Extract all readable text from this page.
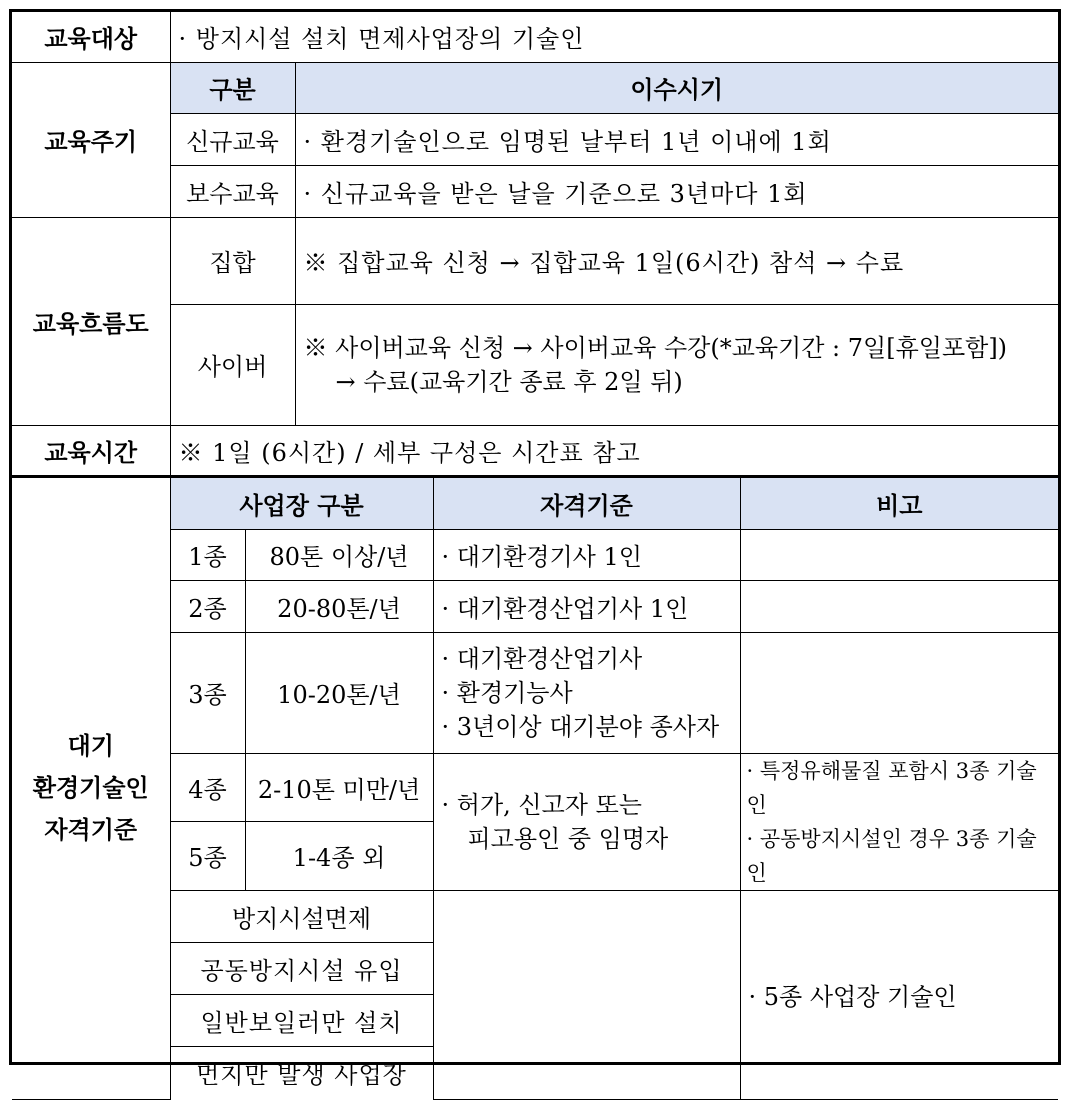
교육대상	· 방지시설 설치 면제사업장의 기술인	
교육주기	구분	이수시기
	신규교육	· 환경기술인으로 임명된 날부터 1년 이내에 1회
	보수교육	· 신규교육을 받은 날을 기준으로 3년마다 1회
교육흐름도	집합	※ 집합교육 신청 → 집합교육 1일(6시간) 참석 → 수료
	사이버	※ 사이버교육 신청 → 사이버교육 수강(*교육기간 : 7일[휴일포함])
→ 수료(교육기간 종료 후 2일 뒤)

교육시간	※ 1일 (6시간) / 세부 구성은 시간표 참고	
대기
환경기술인
자격기준	사업장 구분		자격기준	비고
	1종	80톤 이상/년	· 대기환경기사 1인	
	2종	20-80톤/년	· 대기환경산업기사 1인	
	3종	10-20톤/년	· 대기환경산업기사
· 환경기능사
· 3년이상 대기분야 종사자	

	4종	2-10톤 미만/년	· 허가, 신고자 또는
피고용인 중 임명자	· 특정유해물질 포함시 3종 기술인
· 공동방지시설인 경우 3종 기술인

	5종	1-4종 외		
	방지시설면제			· 5종 사업장 기술인
	공동방지시설 유입			
	일반보일러만 설치			
	먼지만 발생 사업장			
